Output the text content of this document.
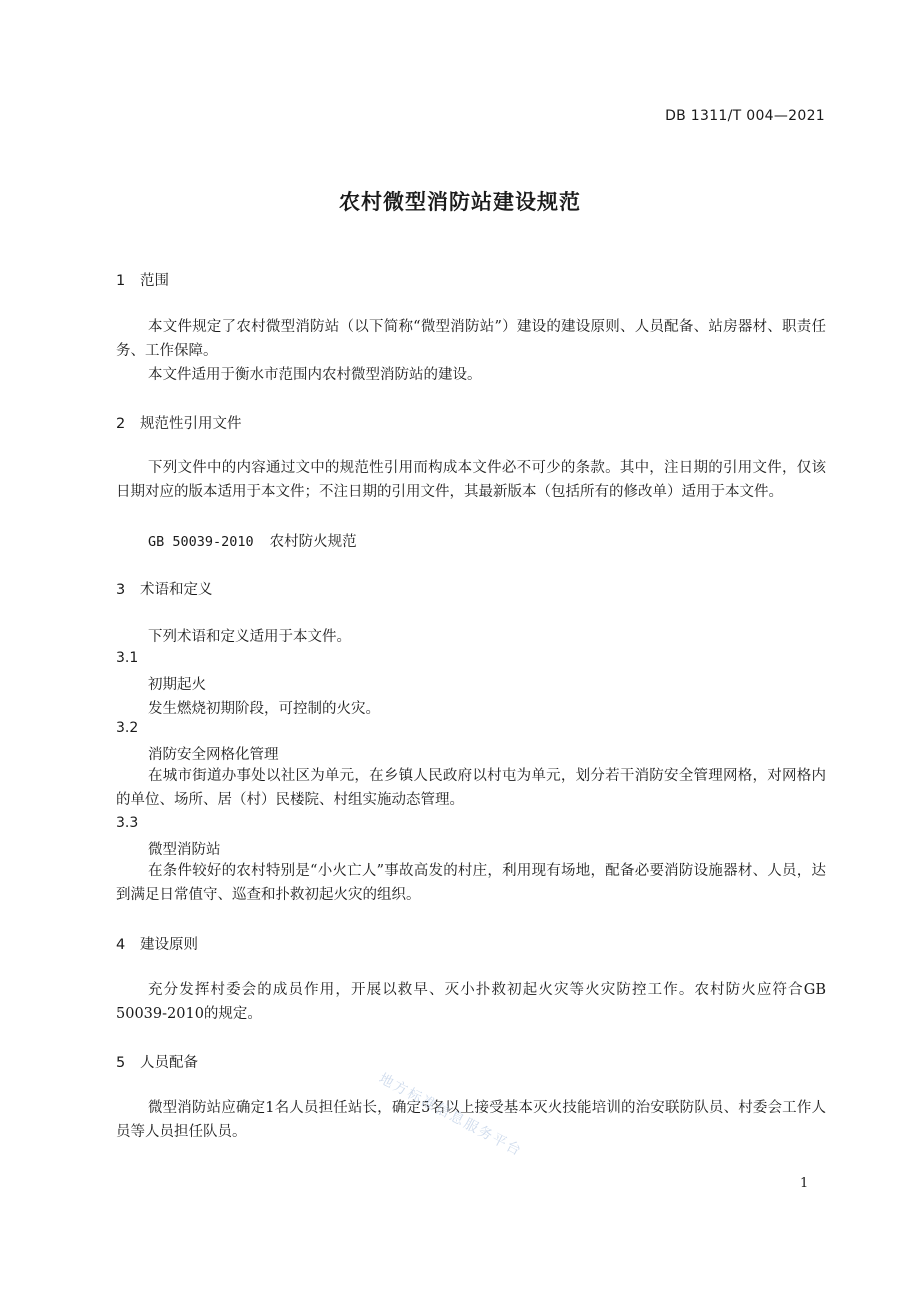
DB 1311/T 004—2021
农村微型消防站建设规范
1 范围
本文件规定了农村微型消防站（以下简称“微型消防站”）建设的建设原则、人员配备、站房器材、职责任务、工作保障。
本文件适用于衡水市范围内农村微型消防站的建设。
2 规范性引用文件
下列文件中的内容通过文中的规范性引用而构成本文件必不可少的条款。其中，注日期的引用文件，仅该日期对应的版本适用于本文件；不注日期的引用文件，其最新版本（包括所有的修改单）适用于本文件。
GB 50039-2010 农村防火规范
3 术语和定义
下列术语和定义适用于本文件。
3.1
初期起火
发生燃烧初期阶段，可控制的火灾。
3.2
消防安全网格化管理
在城市街道办事处以社区为单元，在乡镇人民政府以村屯为单元，划分若干消防安全管理网格，对网格内的单位、场所、居（村）民楼院、村组实施动态管理。
3.3
微型消防站
在条件较好的农村特别是“小火亡人”事故高发的村庄，利用现有场地，配备必要消防设施器材、人员，达到满足日常值守、巡查和扑救初起火灾的组织。
4 建设原则
充分发挥村委会的成员作用，开展以救早、灭小扑救初起火灾等火灾防控工作。农村防火应符合GB 50039-2010的规定。
5 人员配备
微型消防站应确定1名人员担任站长，确定5名以上接受基本灭火技能培训的治安联防队员、村委会工作人员等人员担任队员。	地方标准信息服务平台
1
